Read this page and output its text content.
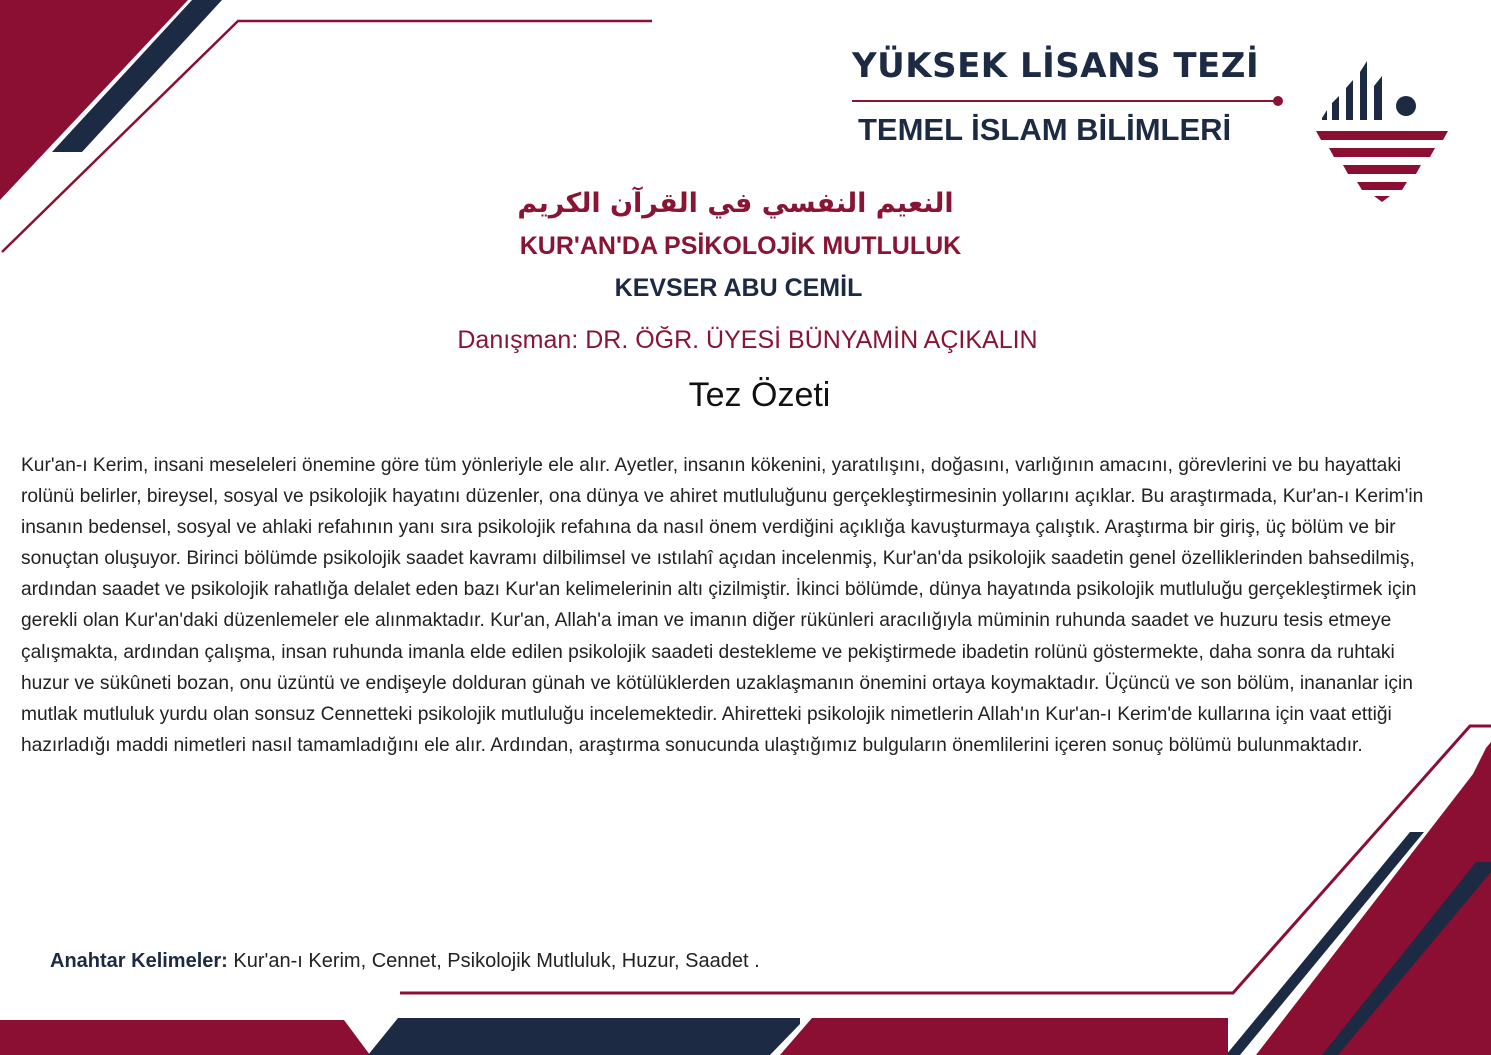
YÜKSEK LİSANS TEZİ
TEMEL İSLAM BİLİMLERİ
النعيم النفسي في القرآن الكريم
KUR'AN'DA PSİKOLOJİK MUTLULUK
KEVSER ABU CEMİL
Danışman: DR. ÖĞR. ÜYESİ BÜNYAMİN AÇIKALIN
Tez Özeti
Kur'an-ı Kerim, insani meseleleri önemine göre tüm yönleriyle ele alır. Ayetler, insanın kökenini, yaratılışını, doğasını, varlığının amacını, görevlerini ve bu hayattaki rolünü belirler, bireysel, sosyal ve psikolojik hayatını düzenler, ona dünya ve ahiret mutluluğunu gerçekleştirmesinin yollarını açıklar. Bu araştırmada, Kur'an-ı Kerim'in insanın bedensel, sosyal ve ahlaki refahının yanı sıra psikolojik refahına da nasıl önem verdiğini açıklığa kavuşturmaya çalıştık. Araştırma bir giriş, üç bölüm ve bir sonuçtan oluşuyor. Birinci bölümde psikolojik saadet kavramı dilbilimsel ve ıstılahî açıdan incelenmiş, Kur'an'da psikolojik saadetin genel özelliklerinden bahsedilmiş, ardından saadet ve psikolojik rahatlığa delalet eden bazı Kur'an kelimelerinin altı çizilmiştir. İkinci bölümde, dünya hayatında psikolojik mutluluğu gerçekleştirmek için gerekli olan Kur'an'daki düzenlemeler ele alınmaktadır. Kur'an, Allah'a iman ve imanın diğer rükünleri aracılığıyla müminin ruhunda saadet ve huzuru tesis etmeye çalışmakta, ardından çalışma, insan ruhunda imanla elde edilen psikolojik saadeti destekleme ve pekiştirmede ibadetin rolünü göstermekte, daha sonra da ruhtaki huzur ve sükûneti bozan, onu üzüntü ve endişeyle dolduran günah ve kötülüklerden uzaklaşmanın önemini ortaya koymaktadır. Üçüncü ve son bölüm, inananlar için mutlak mutluluk yurdu olan sonsuz Cennetteki psikolojik mutluluğu incelemektedir. Ahiretteki psikolojik nimetlerin Allah'ın Kur'an-ı Kerim'de kullarına için vaat ettiği hazırladığı maddi nimetleri nasıl tamamladığını ele alır. Ardından, araştırma sonucunda ulaştığımız bulguların önemlilerini içeren sonuç bölümü bulunmaktadır.
Anahtar Kelimeler: Kur'an-ı Kerim, Cennet, Psikolojik Mutluluk, Huzur, Saadet .
